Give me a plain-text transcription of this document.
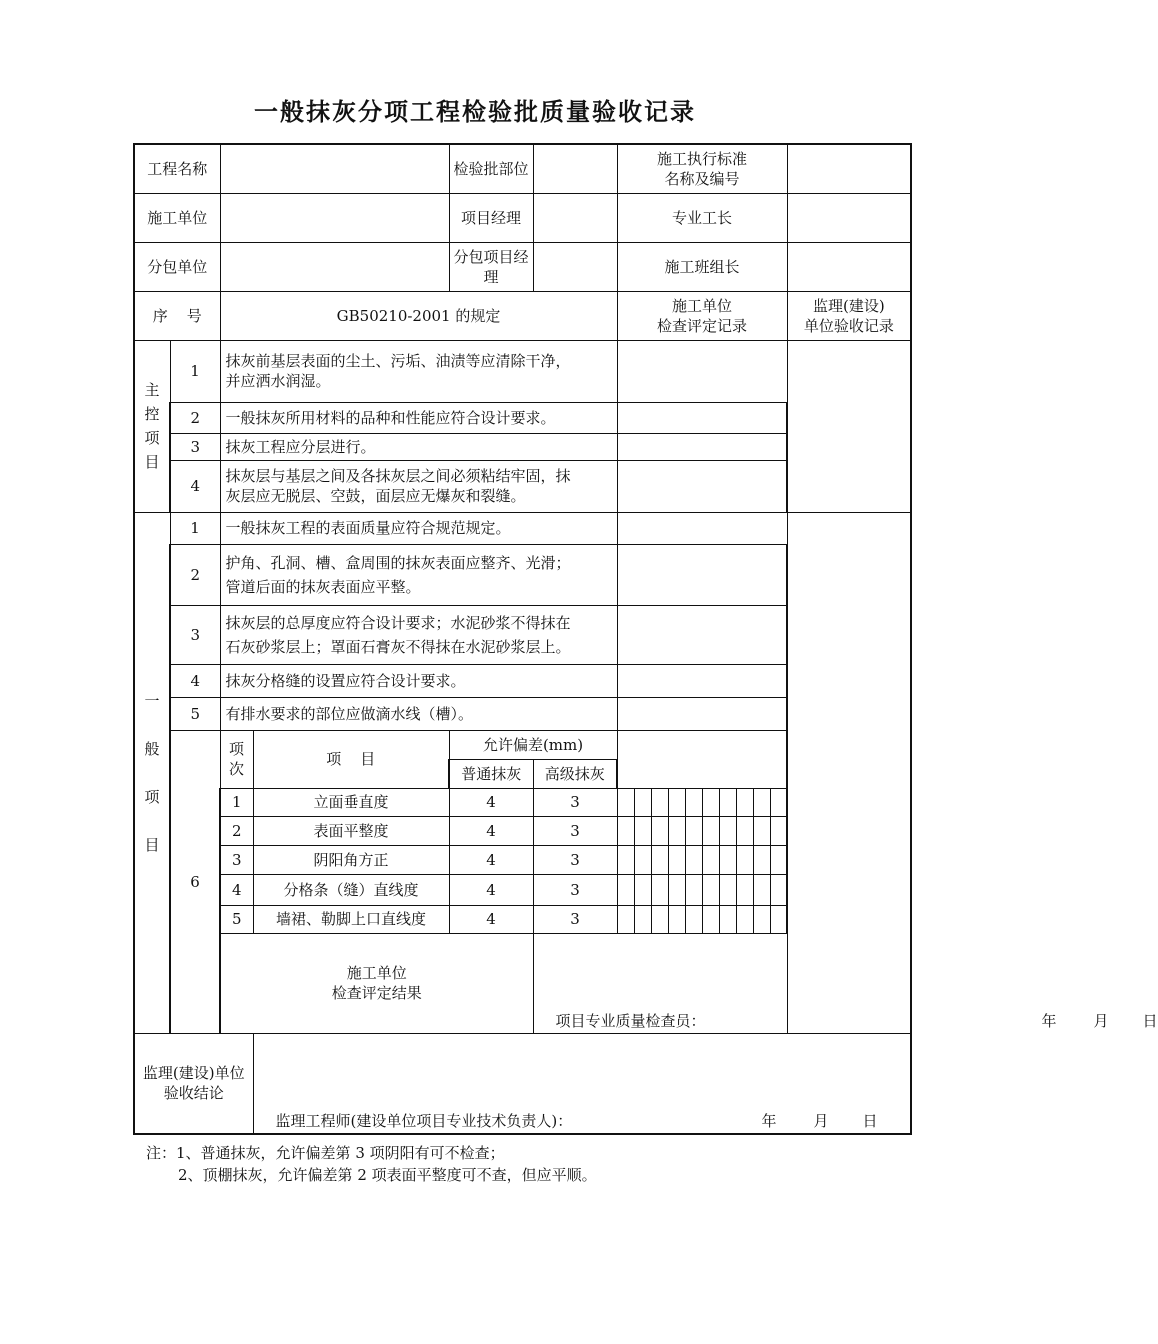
一般抹灰分项工程检验批质量验收记录
工程名称				检验批部位		施工执行标准
名称及编号										
施工单位				项目经理		专业工长										
分包单位				分包项目经理		施工班组长										
序    号		GB50210-2001 的规定				施工单位
检查评定记录										监理(建设)
单位验收记录
主
控
项
目	1	抹灰前基层表面的尘土、污垢、油渍等应清除干净，
并应洒水润湿。														
	2	一般抹灰所用材料的品种和性能应符合设计要求。														
	3	抹灰工程应分层进行。														
	4	抹灰层与基层之间及各抹灰层之间必须粘结牢固，抹
灰层应无脱层、空鼓，面层应无爆灰和裂缝。														
一

般

项

目	1	一般抹灰工程的表面质量应符合规范规定。														
	2	护角、孔洞、槽、盒周围的抹灰表面应整齐、光滑；
管道后面的抹灰表面应平整。														
	3	抹灰层的总厚度应符合设计要求；水泥砂浆不得抹在
石灰砂浆层上；罩面石膏灰不得抹在水泥砂浆层上。														
	4	抹灰分格缝的设置应符合设计要求。														
	5	有排水要求的部位应做滴水线（槽）。														
	6	项
次	项    目	允许偏差(mm)												
				普通抹灰	高级抹灰											
		1	立面垂直度	4	3											
		2	表面平整度	4	3											
		3	阴阳角方正	4	3											
		4	分格条（缝）直线度	4	3											
		5	墙裙、勒脚上口直线度	4	3											
		施工单位
检查评定结果			项目专业质量检查员： 年 月 日											

监理(建设)单位
验收结论			监理工程师(建设单位项目专业技术负责人)： 年 月 日													
注：1、普通抹灰，允许偏差第 3 项阴阳有可不检查；
2、顶棚抹灰，允许偏差第 2 项表面平整度可不查，但应平顺。
